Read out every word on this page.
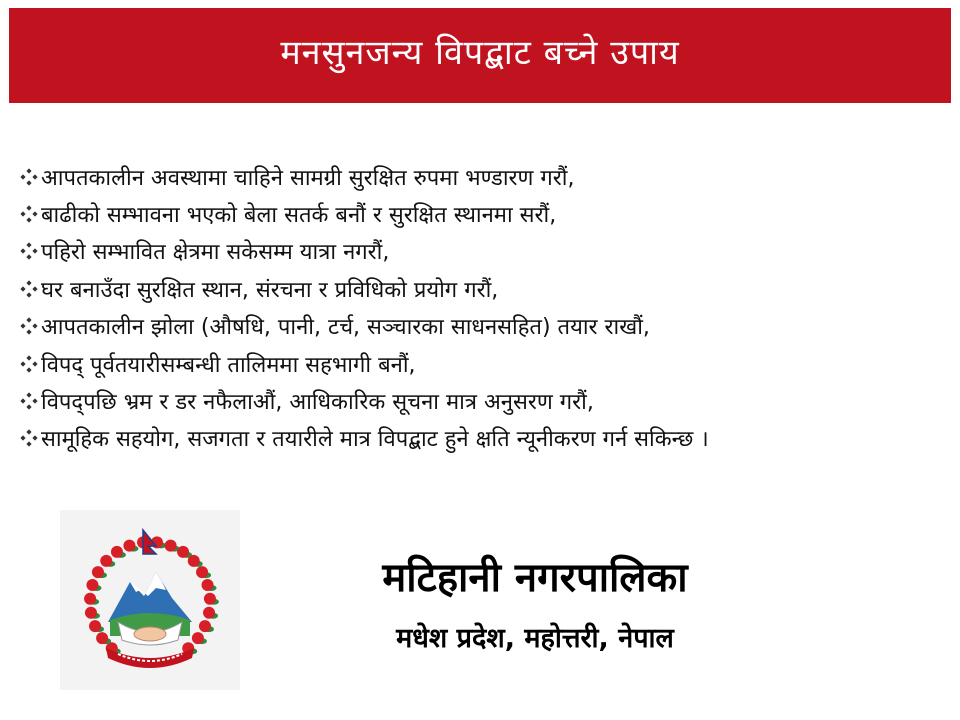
मनसुनजन्य विपद्बाट बच्ने उपाय
आपतकालीन अवस्थामा चाहिने सामग्री सुरक्षित रुपमा भण्डारण गरौं,
बाढीको सम्भावना भएको बेला सतर्क बनौं र सुरक्षित स्थानमा सरौं,
पहिरो सम्भावित क्षेत्रमा सकेसम्म यात्रा नगरौं,
घर बनाउँदा सुरक्षित स्थान, संरचना र प्रविधिको प्रयोग गरौं,
आपतकालीन झोला (औषधि, पानी, टर्च, सञ्चारका साधनसहित) तयार राखौं,
विपद् पूर्वतयारीसम्बन्धी तालिममा सहभागी बनौं,
विपद्पछि भ्रम र डर नफैलाऔं, आधिकारिक सूचना मात्र अनुसरण गरौं,
सामूहिक सहयोग, सजगता र तयारीले मात्र विपद्बाट हुने क्षति न्यूनीकरण गर्न सकिन्छ ।
मटिहानी नगरपालिका
मधेश प्रदेश, महोत्तरी, नेपाल
